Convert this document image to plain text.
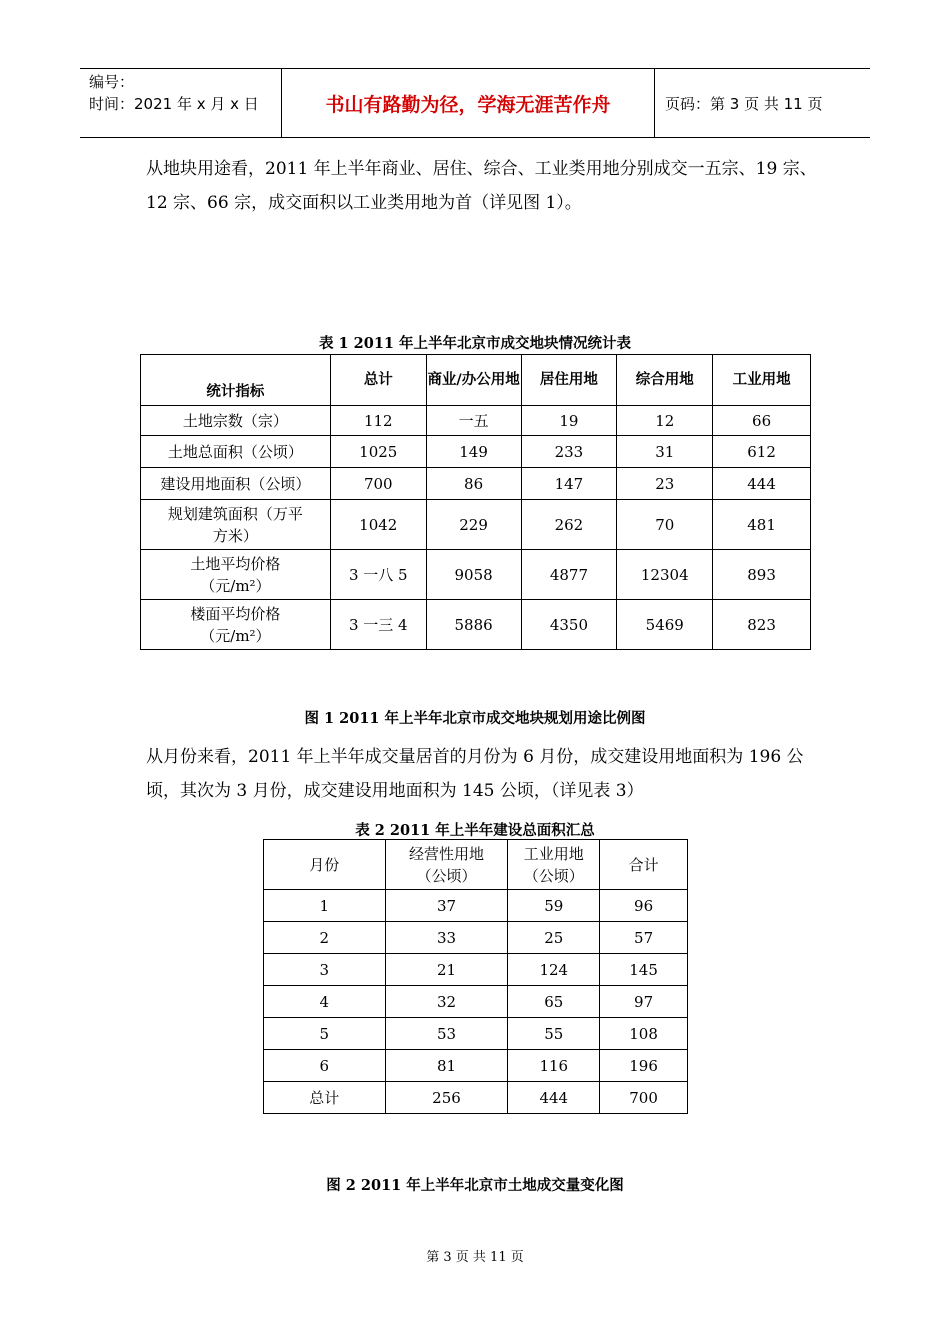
编号：
时间：2021 年 x 月 x 日	书山有路勤为径，学海无涯苦作舟	页码：第 3 页 共 11 页
从地块用途看，2011 年上半年商业、居住、综合、工业类用地分别成交一五宗、19 宗、12 宗、66 宗，成交面积以工业类用地为首（详见图 1）。
表 1 2011 年上半年北京市成交地块情况统计表
统计指标	总计	商业/办公用地	居住用地	综合用地	工业用地
土地宗数（宗）	112	一五	19	12	66
土地总面积（公顷）	1025	149	233	31	612
建设用地面积（公顷）	700	86	147	23	444
规划建筑面积（万平方米）	1042	229	262	70	481
土地平均价格（元/m²）	3 一八 5	9058	4877	12304	893
楼面平均价格（元/m²）	3 一三 4	5886	4350	5469	823
图 1 2011 年上半年北京市成交地块规划用途比例图
从月份来看，2011 年上半年成交量居首的月份为 6 月份，成交建设用地面积为 196 公顷，其次为 3 月份，成交建设用地面积为 145 公顷，（详见表 3）
表 2 2011 年上半年建设总面积汇总
月份	经营性用地（公顷）	工业用地（公顷）	合计
1	37	59	96
2	33	25	57
3	21	124	145
4	32	65	97
5	53	55	108
6	81	116	196
总计	256	444	700
图 2 2011 年上半年北京市土地成交量变化图
第 3 页 共 11 页
